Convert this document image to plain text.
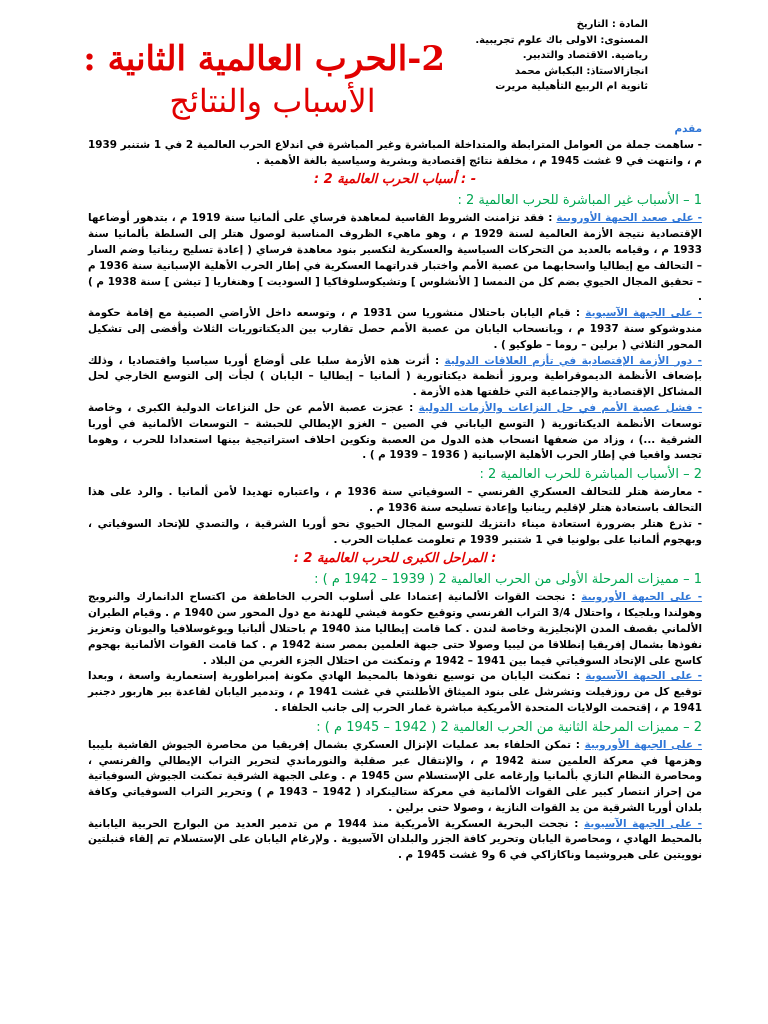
2-الحرب العالمية الثانية :
الأسباب والنتائج
المادة : التاريخ
المستوى: الاولى باك علوم تجريبية.
رياضية. الاقتصاد والتدبير.
انجازالاستاذ: البكباش محمد
ثانوية ام الربيع التأهيلية مريرت

مقدم

- ساهمت جملة من العوامل المترابطة والمتداخلة المباشرة وغير المباشرة في اندلاع الحرب العالمية 2 في 1 شتنبر 1939 م ، وانتهت في 9 غشت 1945 م ، مخلفة نتائج إقتصادية وبشرية وسياسية بالغة الأهمية .

- : أسباب الحرب العالمية 2 :

1 – الأسباب غير المباشرة للحرب العالمية 2 :

- على صعيد الجبهة الأوروبية : فقد تزامنت الشروط القاسية لمعاهدة فرساي على ألمانيا سنة 1919 م ، بتدهور أوضاعها الإقتصادية نتيجة الأزمة العالمية لسنة 1929 م ، وهو ماهيء الظروف المناسبة لوصول هتلر إلى السلطة بألمانيا سنة 1933 م ، وقيامه بالعديد من التحركات السياسية والعسكرية لتكسير بنود معاهدة فرساي ( إعادة تسليح ريناتيا وضم السار – التحالف مع إيطاليا واسحابهما من عصبة الأمم واختبار قدراتهما العسكرية في إطار الحرب الأهلية الإسبانية سنة 1936 م – تحقيق المجال الحيوي بضم كل من النمسا [ الأنشلوس ] وتشيكوسلوفاكيا [ السوديت ] وهنغاريا [ تيشن ] سنة 1938 م ) .

- على الجبهة الآسيوية : قيام اليابان باحتلال منشوريا سن 1931 م ، وتوسعه داخل الأراضي الصينية مع إقامة حكومة مندوشوكو سنة 1937 م ، وبانسحاب اليابان من عصبة الأمم حصل تقارب بين الديكتاتوريات الثلاث وأفضى إلى تشكيل المحور الثلاثي ( برلين – روما – طوكيو ) .

- دور الأزمة الإقتصادية في تأزم العلاقات الدولية : أثرت هذه الأزمة سلبا على أوضاع أوربا سياسيا واقتصاديا ، وذلك بإضعاف الأنظمة الديموقراطية وبروز أنظمة ديكتاتورية ( ألمانيا – إيطاليا – اليابان ) لجأت إلى التوسع الخارجي لحل المشاكل الإقتصادية والإجتماعية التي خلفتها هذه الأزمة .

- فشل عصبة الأمم في حل النزاعات والأزمات الدولية : عجزت عصبة الأمم عن حل النزاعات الدولية الكبرى ، وخاصة توسعات الأنظمة الديكتاتورية ( التوسع الياباني في الصين – الغزو الإيطالي للحبشة – التوسعات الألمانية في أوربا الشرقية ...) ، وزاد من ضعفها انسحاب هذه الدول من العصبة وتكوين احلاف استراتيجية بينها استعدادا للحرب ، وهوما تجسد واقعيا في إطار الحرب الأهلية الإسبانية ( 1936 – 1939 م ) .

2 – الأسباب المباشرة للحرب العالمية 2 :

- معارضة هتلر للتحالف العسكري الفرنسي – السوفياتي سنة 1936 م ، واعتباره تهديدا لأمن ألمانيا . والرد على هذا التحالف باستعادة هتلر لإقليم رينانيا وإعادة تسليحه سنة 1936 م .

- تذرع هتلر بضرورة استعادة ميناء دانتزيك للتوسع المجال الحيوي نحو أوربا الشرقية ، والتصدي للإتحاد السوفياتي ، وبهجوم ألمانيا على بولونيا في 1 شتنبر 1939 م تعلومت عمليات الحرب .

: المراحل الكبرى للحرب العالمية 2 :

1 – مميزات المرحلة الأولى من الحرب العالمية 2 ( 1939 – 1942 م ) :

- على الجبهة الأوروبية : نجحت القوات الألمانية إعتمادا على أسلوب الحرب الخاطفة من اكتساح الدانمارك والنرويج وهولندا وبلجيكا ، واحتلال 3/4 التراب الفرنسي وتوقيع حكومة فيشي للهدنة مع دول المحور سن 1940 م . وقيام الطيران الألماني بقصف المدن الإنجليزية وخاصة لندن . كما قامت إيطاليا منذ 1940 م باحتلال ألبانيا ويوغوسلافيا واليونان وتعزيز نفوذها بشمال إفريقيا إنطلاقا من ليبيا وصولا حتى جبهة العلمين بمصر سنة 1942 م . كما قامت القوات الألمانية بهجوم كاسح على الإتحاد السوفياتي فيما بين 1941 – 1942 م وتمكنت من احتلال الجزء الغربي من البلاد .

- على الجبهة الآسيوية : تمكنت اليابان من توسيع نفوذها بالمحيط الهادي مكونة إمبراطورية إستعمارية واسعة ، وبعدا توقيع كل من روزفيلت وتشرشل على بنود الميثاق الأطلنتي في غشت 1941 م ، وتدمير اليابان لقاعدة بير هاربور دجنبر 1941 م ، إقتحمت الولايات المتحدة الأمريكية مباشرة غمار الحرب إلى جانب الحلفاء .

2 – مميزات المرحلة الثانية من الحرب العالمية 2 ( 1942 – 1945 م ) :

- على الجبهة الأوروبية : تمكن الحلفاء بعد عمليات الإنزال العسكري بشمال إفريقيا من محاصرة الجيوش الفاشية بليبيا وهزمها في معركة العلمين سنة 1942 م ، والإنتقال عبر صقلية والنورماندي لتحرير التراب الإيطالي والفرنسي ، ومحاصرة النظام النازي بألمانيا وإرغامه على الإستسلام سن 1945 م . وعلى الجبهة الشرقية تمكنت الجيوش السوفياتية من إحراز انتصار كبير على القوات الألمانية في معركة ستالينكراد ( 1942 – 1943 م ) وتحرير التراب السوفياتي وكافة بلدان أوربا الشرقية من يد القوات النازية ، وصولا حتى برلين .

- على الجبهة الآسيوية : نجحت البحرية العسكرية الأمريكية منذ 1944 م من تدمير العديد من البوارج الحربية اليابانية بالمحيط الهادي ، ومحاصرة اليابان وتحرير كافة الجزر والبلدان الآسيوية . ولإرغام اليابان على الإستسلام تم إلقاء قنبلتين نوويتين على هيروشيما وناكازاكي في 6 و9 غشت 1945 م .
